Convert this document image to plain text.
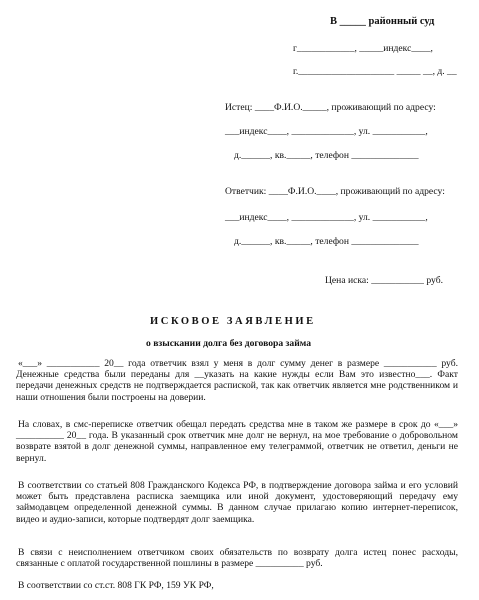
В _____ районный суд
г____________, _____индекс____,
г.____________________ _____ __, д. __
Истец: ____Ф.И.О._____, проживающий по адресу:
___индекс____, _____________, ул. ___________,
д.______, кв._____, телефон ______________
Ответчик: ____Ф.И.О.____, проживающий по адресу:
___индекс____, _____________, ул. ___________,
д.______, кв._____, телефон ______________
Цена иска: ___________ руб.
ИСКОВОЕ ЗАЯВЛЕНИЕ
о взыскании долга без договора займа
«___» ___________ 20__ года ответчик взял у меня в долг сумму денег в размере ___________ руб. Денежные средства были переданы для __указать на какие нужды если Вам это известно___. Факт передачи денежных средств не подтверждается распиской, так как ответчик является мне родственником и наши отношения были построены на доверии.
На словах, в смс-переписке ответчик обещал передать средства мне в таком же размере в срок до «___» __________ 20__ года. В указанный срок ответчик мне долг не вернул, на мое требование о добровольном возврате взятой в долг денежной суммы, направленное ему телеграммой, ответчик не ответил, деньги не вернул.
В соответствии со статьей 808 Гражданского Кодекса РФ, в подтверждение договора займа и его условий может быть представлена расписка заемщика или иной документ, удостоверяющий передачу ему займодавцем определенной денежной суммы. В данном случае прилагаю копию интернет-переписок, видео и аудио-записи, которые подтвердят долг заемщика.
В связи с неисполнением ответчиком своих обязательств по возврату долга истец понес расходы, связанные с оплатой государственной пошлины в размере __________ руб.
В соответствии со ст.ст. 808 ГК РФ, 159 УК РФ,
